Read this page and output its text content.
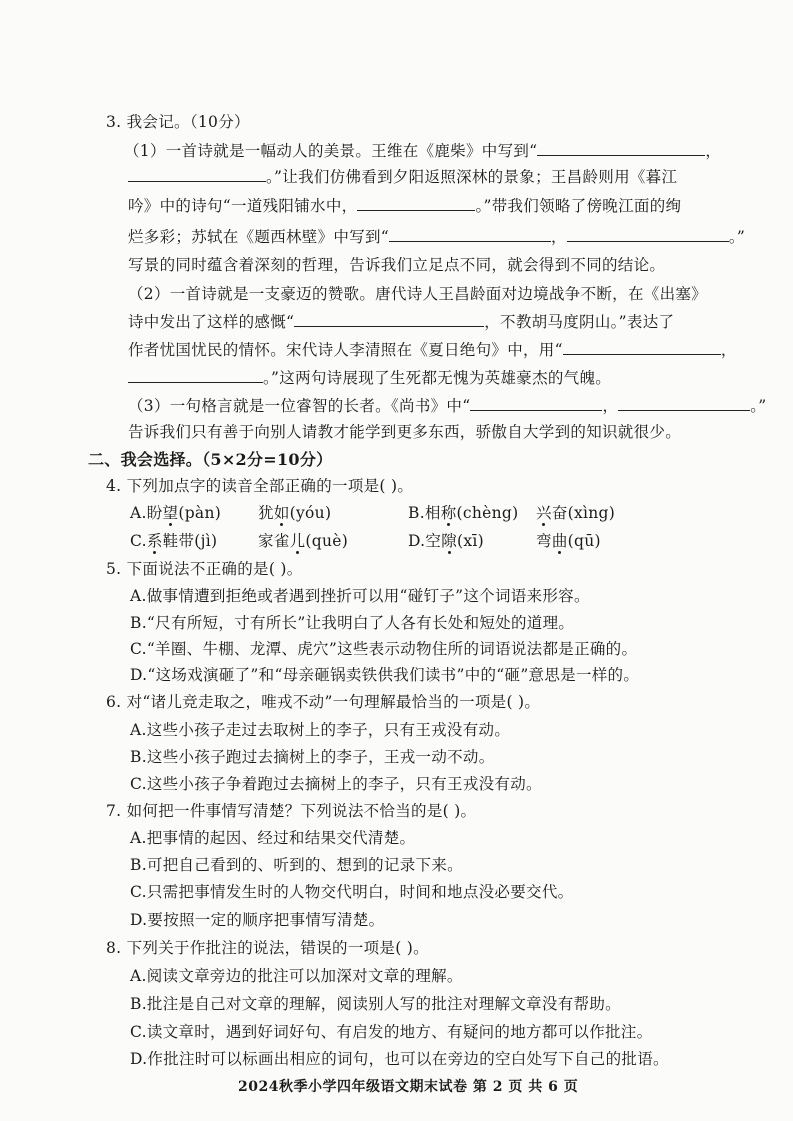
3. 我会记。（10分）
（1）一首诗就是一幅动人的美景。王维在《鹿柴》中写到“	，
。”让我们仿佛看到夕阳返照深林的景象；王昌龄则用《暮江
吟》中的诗句“一道残阳铺水中，	。”带我们领略了傍晚江面的绚
烂多彩；苏轼在《题西林壁》中写到“	，	。”
写景的同时蕴含着深刻的哲理，告诉我们立足点不同，就会得到不同的结论。
（2）一首诗就是一支豪迈的赞歌。唐代诗人王昌龄面对边境战争不断，在《出塞》
诗中发出了这样的感慨“	，不教胡马度阴山。”表达了
作者忧国忧民的情怀。宋代诗人李清照在《夏日绝句》中，用“	，
。”这两句诗展现了生死都无愧为英雄豪杰的气魄。
（3）一句格言就是一位睿智的长者。《尚书》中“	，	。”
告诉我们只有善于向别人请教才能学到更多东西，骄傲自大学到的知识就很少。
二、我会选择。（5×2分=10分）
4. 下列加点字的读音全部正确的一项是( )。
A.盼望(pàn) 犹如(yóu)	B.相称(chèng) 兴奋(xìng)
C.系鞋带(jì)	家雀儿(què)	D.空隙(xī)	弯曲(qū)
5. 下面说法不正确的是( )。
A.做事情遭到拒绝或者遇到挫折可以用“碰钉子”这个词语来形容。
B.“尺有所短，寸有所长”让我明白了人各有长处和短处的道理。
C.“羊圈、牛棚、龙潭、虎穴”这些表示动物住所的词语说法都是正确的。
D.“这场戏演砸了”和“母亲砸锅卖铁供我们读书”中的“砸”意思是一样的。
6. 对“诸儿竞走取之，唯戎不动”一句理解最恰当的一项是( )。
A.这些小孩子走过去取树上的李子，只有王戎没有动。
B.这些小孩子跑过去摘树上的李子，王戎一动不动。
C.这些小孩子争着跑过去摘树上的李子，只有王戎没有动。
7. 如何把一件事情写清楚？下列说法不恰当的是( )。
A.把事情的起因、经过和结果交代清楚。
B.可把自己看到的、听到的、想到的记录下来。
C.只需把事情发生时的人物交代明白，时间和地点没必要交代。
D.要按照一定的顺序把事情写清楚。
8. 下列关于作批注的说法，错误的一项是( )。
A.阅读文章旁边的批注可以加深对文章的理解。
B.批注是自己对文章的理解，阅读别人写的批注对理解文章没有帮助。
C.读文章时，遇到好词好句、有启发的地方、有疑问的地方都可以作批注。
D.作批注时可以标画出相应的词句，也可以在旁边的空白处写下自己的批语。
2024秋季小学四年级语文期末试卷 第 2 页 共 6 页
